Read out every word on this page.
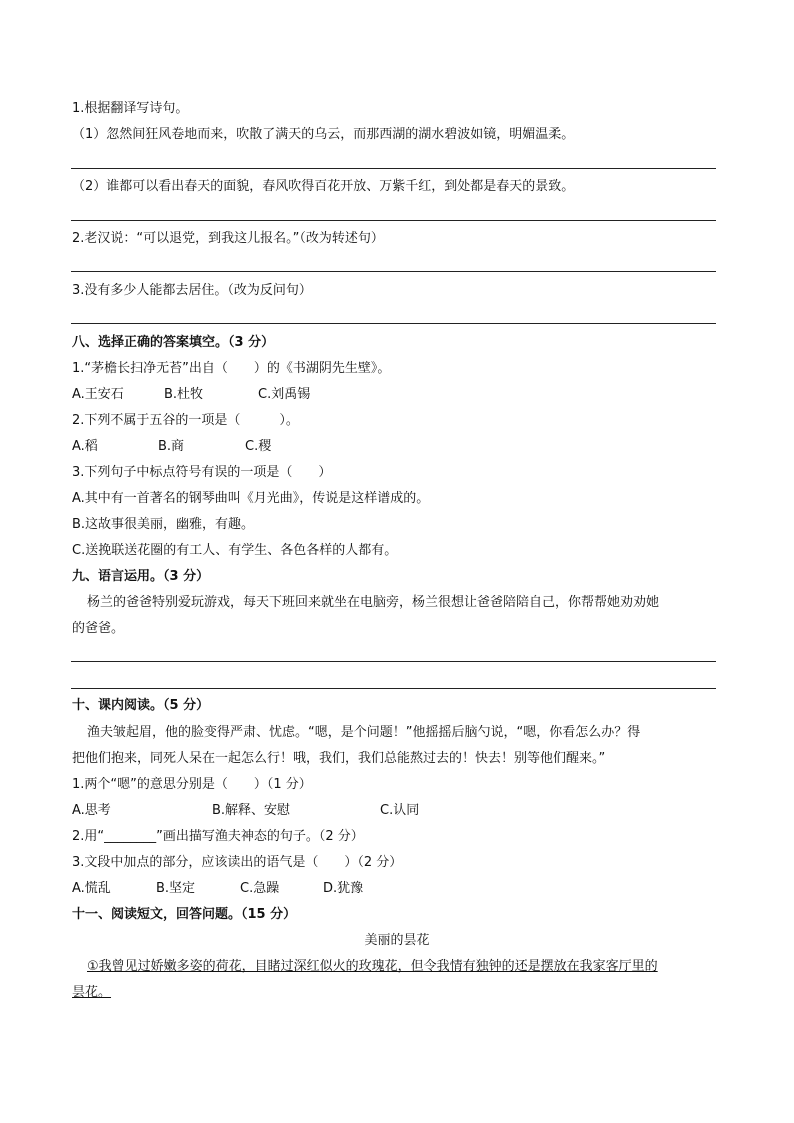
1.根据翻译写诗句。
（1）忽然间狂风卷地而来，吹散了满天的乌云，而那西湖的湖水碧波如镜，明媚温柔。
（2）谁都可以看出春天的面貌，春风吹得百花开放、万紫千红，到处都是春天的景致。
2.老汉说：“可以退党，到我这儿报名。”（改为转述句）
3.没有多少人能都去居住。（改为反问句）
八、选择正确的答案填空。（3 分）
1.“茅檐长扫净无苔”出自（　　）的《书湖阴先生壁》。
A.王安石	B.杜牧	C.刘禹锡
2.下列不属于五谷的一项是（　　　）。
A.稻	B.商	C.稷
3.下列句子中标点符号有误的一项是（　　）
A.其中有一首著名的钢琴曲叫《月光曲》，传说是这样谱成的。
B.这故事很美丽，幽雅，有趣。
C.送挽联送花圈的有工人、有学生、各色各样的人都有。
九、语言运用。（3 分）
杨兰的爸爸特别爱玩游戏，每天下班回来就坐在电脑旁，杨兰很想让爸爸陪陪自己，你帮帮她劝劝她
的爸爸。
十、课内阅读。（5 分）
渔夫皱起眉，他的脸变得严肃、忧虑。“嗯，是个问题！”他摇摇后脑勺说，“嗯，你看怎么办？得
把他们抱来，同死人呆在一起怎么行！哦，我们，我们总能熬过去的！快去！别等他们醒来。”
1.两个“嗯”的意思分别是（　　）（1 分）
A.思考	B.解释、安慰	C.认同
2.用“________”画出描写渔夫神态的句子。（2 分）
3.文段中加点的部分，应该读出的语气是（　　）（2 分）
A.慌乱	B.坚定	C.急躁	D.犹豫
十一、阅读短文，回答问题。（15 分）
美丽的昙花
①我曾见过娇嫩多姿的荷花，目睹过深红似火的玫瑰花，但令我情有独钟的还是摆放在我家客厅里的
昙花。
